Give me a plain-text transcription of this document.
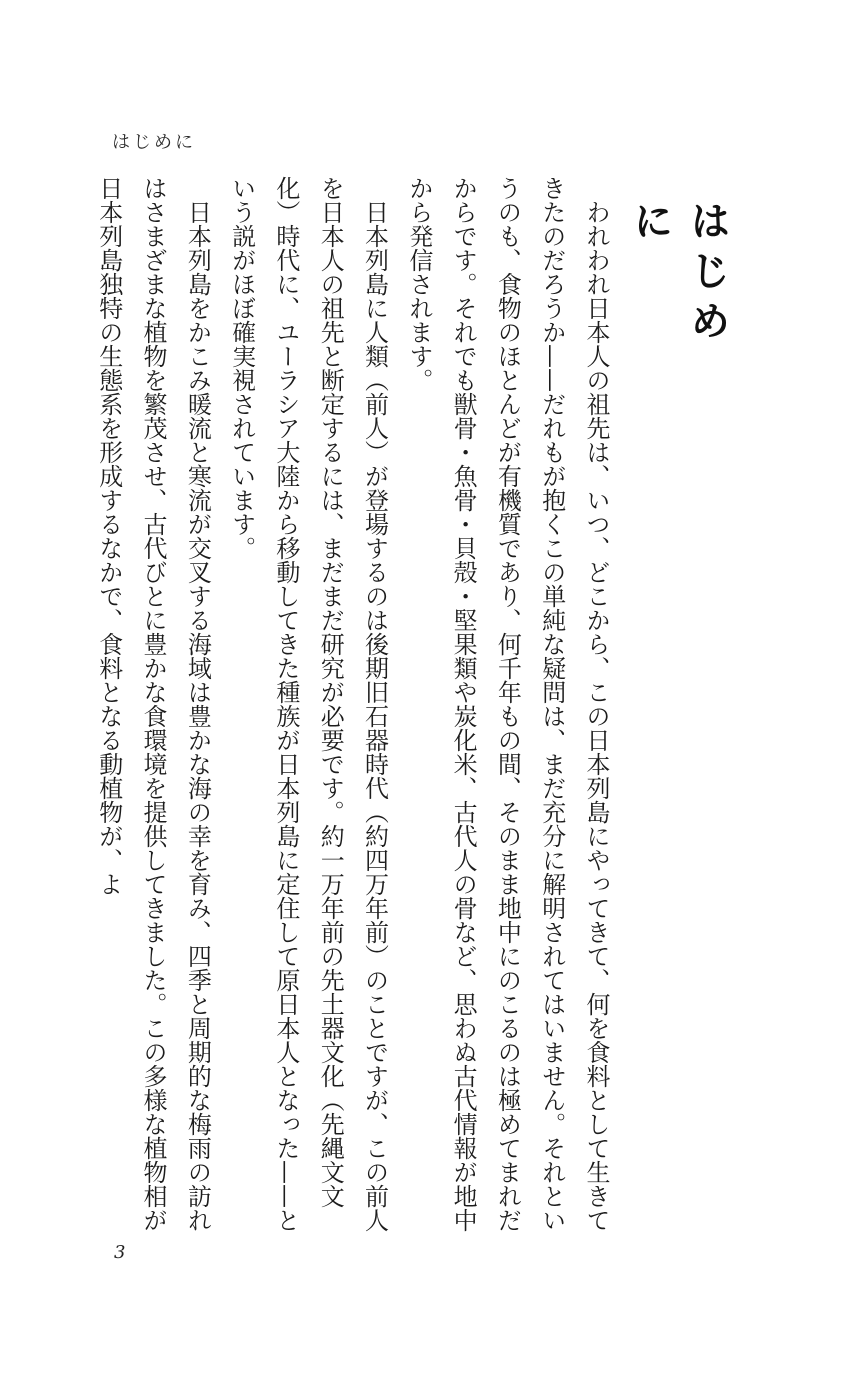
はじめに
はじめに

われわれ日本人の祖先は、いつ、どこから、この日本列島にやってきて、何を食料として生きてきたのだろうか——だれもが抱くこの単純な疑問は、まだ充分に解明されてはいません。それというのも、食物のほとんどが有機質であり、何千年もの間、そのまま地中にのこるのは極めてまれだからです。それでも獣骨・魚骨・貝殻・堅果類や炭化米、古代人の骨など、思わぬ古代情報が地中から発信されます。

日本列島に人類（前人）が登場するのは後期旧石器時代（約四万年前）のことですが、この前人を日本人の祖先と断定するには、まだまだ研究が必要です。約一万年前の先土器文化（先縄文文化）時代に、ユーラシア大陸から移動してきた種族が日本列島に定住して原日本人となった——という説がほぼ確実視されています。

日本列島をかこみ暖流と寒流が交叉する海域は豊かな海の幸を育み、四季と周期的な梅雨の訪れはさまざまな植物を繁茂させ、古代びとに豊かな食環境を提供してきました。この多様な植物相が日本列島独特の生態系を形成するなかで、食料となる動植物が、よ

3
